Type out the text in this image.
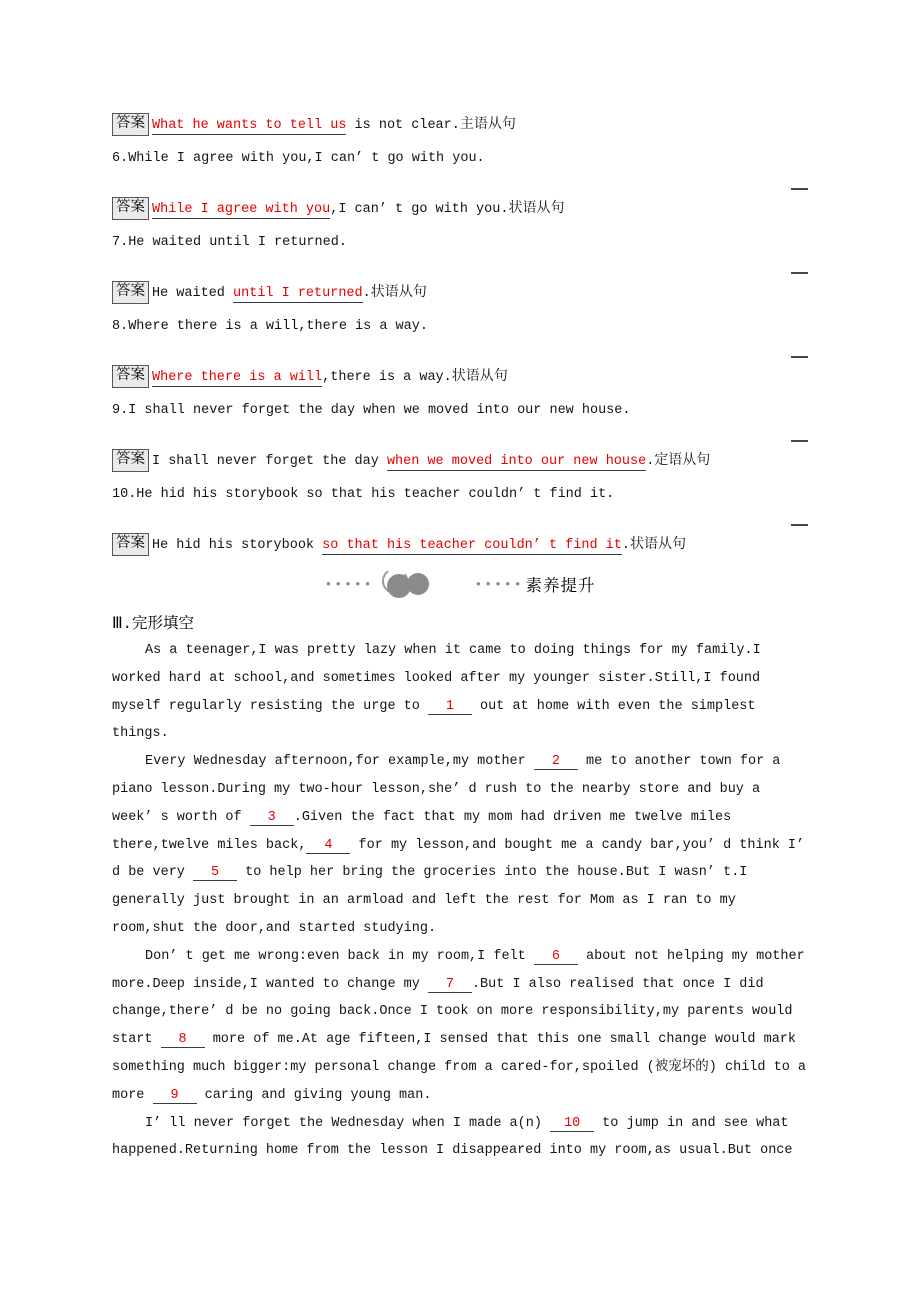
答案 What he wants to tell us is not clear.主语从句
6.While I agree with you,I can’ t go with you.
答案 While I agree with you,I can’ t go with you.状语从句
7.He waited until I returned.
答案 He waited until I returned.状语从句
8.Where there is a will,there is a way.
答案 Where there is a will,there is a way.状语从句
9.I shall never forget the day when we moved into our new house.
答案 I shall never forget the day when we moved into our new house.定语从句
10.He hid his storybook so that his teacher couldn’ t find it.
答案 He hid his storybook so that his teacher couldn’ t find it.状语从句
•••••	••••• 素养提升
Ⅲ.完形填空

As a teenager,I was pretty lazy when it came to doing things for my family.I worked hard at school,and sometimes looked after my younger sister.Still,I found myself regularly resisting the urge to 1 out at home with even the simplest things.

Every Wednesday afternoon,for example,my mother 2 me to another town for a piano lesson.During my two-hour lesson,she’ d rush to the nearby store and buy a week’ s worth of 3 .Given the fact that my mom had driven me twelve miles there,twelve miles back, 4 for my lesson,and bought me a candy bar,you’ d think I’ d be very 5 to help her bring the groceries into the house.But I wasn’ t.I generally just brought in an armload and left the rest for Mom as I ran to my room,shut the door,and started studying.

Don’ t get me wrong:even back in my room,I felt 6 about not helping my mother more.Deep inside,I wanted to change my 7 .But I also realised that once I did change,there’ d be no going back.Once I took on more responsibility,my parents would start 8 more of me.At age fifteen,I sensed that this one small change would mark something much bigger:my personal change from a cared-for,spoiled (被宠坏的) child to a more 9 caring and giving young man.

I’ ll never forget the Wednesday when I made a(n) 10 to jump in and see what happened.Returning home from the lesson I disappeared into my room,as usual.But once
